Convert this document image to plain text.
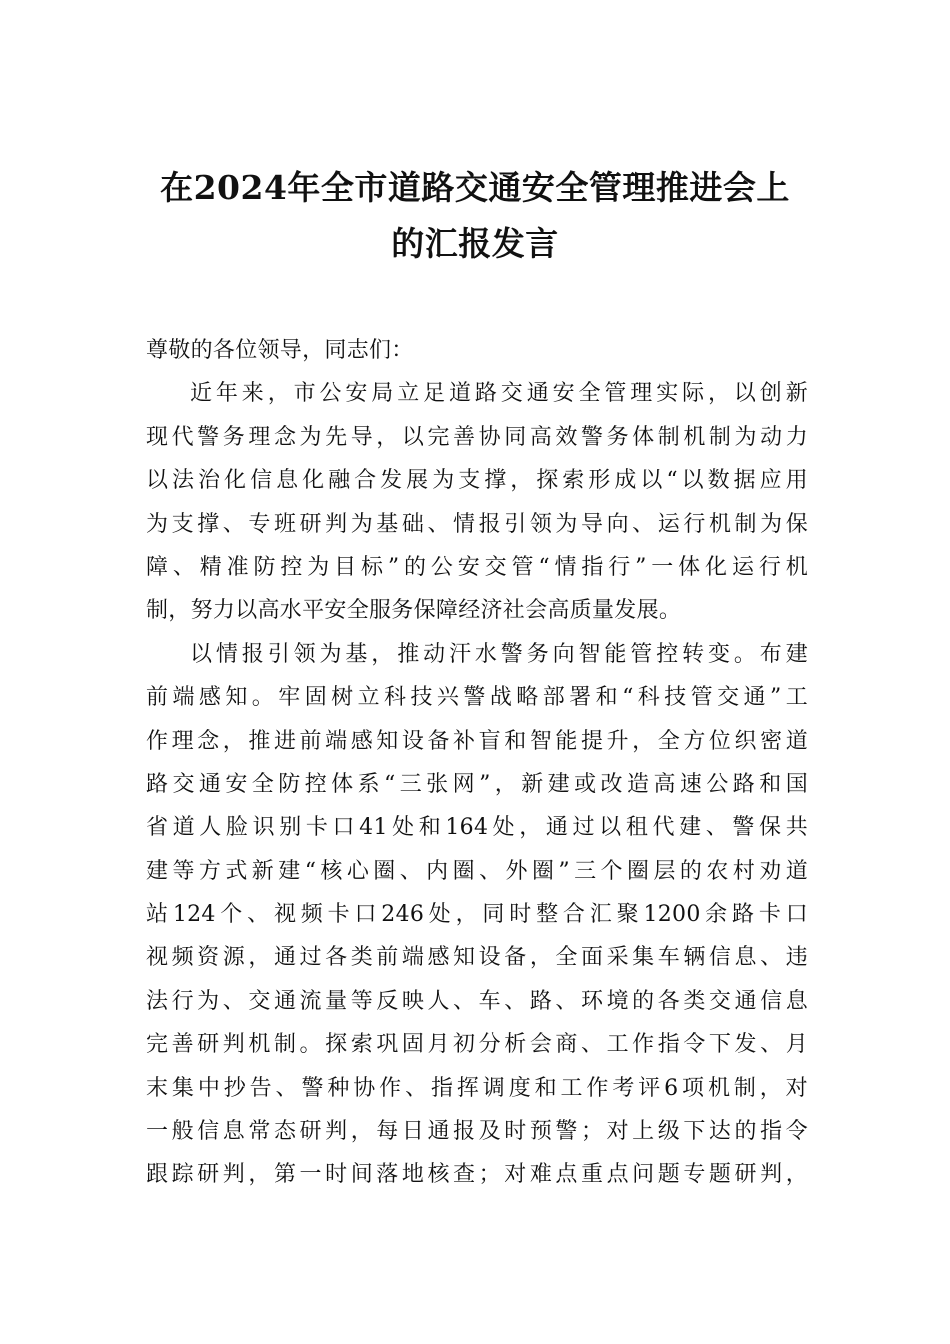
在2024年全市道路交通安全管理推进会上
的汇报发言
尊敬的各位领导，同志们：
近年来，市公安局立足道路交通安全管理实际，以创新
现代警务理念为先导，以完善协同高效警务体制机制为动力
以法治化信息化融合发展为支撑，探索形成以“以数据应用
为支撑、专班研判为基础、情报引领为导向、运行机制为保
障、精准防控为目标”的公安交管“情指行”一体化运行机
制，努力以高水平安全服务保障经济社会高质量发展。
以情报引领为基，推动汗水警务向智能管控转变。布建
前端感知。牢固树立科技兴警战略部署和“科技管交通”工
作理念，推进前端感知设备补盲和智能提升，全方位织密道
路交通安全防控体系“三张网”，新建或改造高速公路和国
省道人脸识别卡口41处和164处，通过以租代建、警保共
建等方式新建“核心圈、内圈、外圈”三个圈层的农村劝道
站124个、视频卡口246处，同时整合汇聚1200余路卡口
视频资源，通过各类前端感知设备，全面采集车辆信息、违
法行为、交通流量等反映人、车、路、环境的各类交通信息
完善研判机制。探索巩固月初分析会商、工作指令下发、月
末集中抄告、警种协作、指挥调度和工作考评6项机制，对
一般信息常态研判，每日通报及时预警；对上级下达的指令
跟踪研判，第一时间落地核查；对难点重点问题专题研判，
